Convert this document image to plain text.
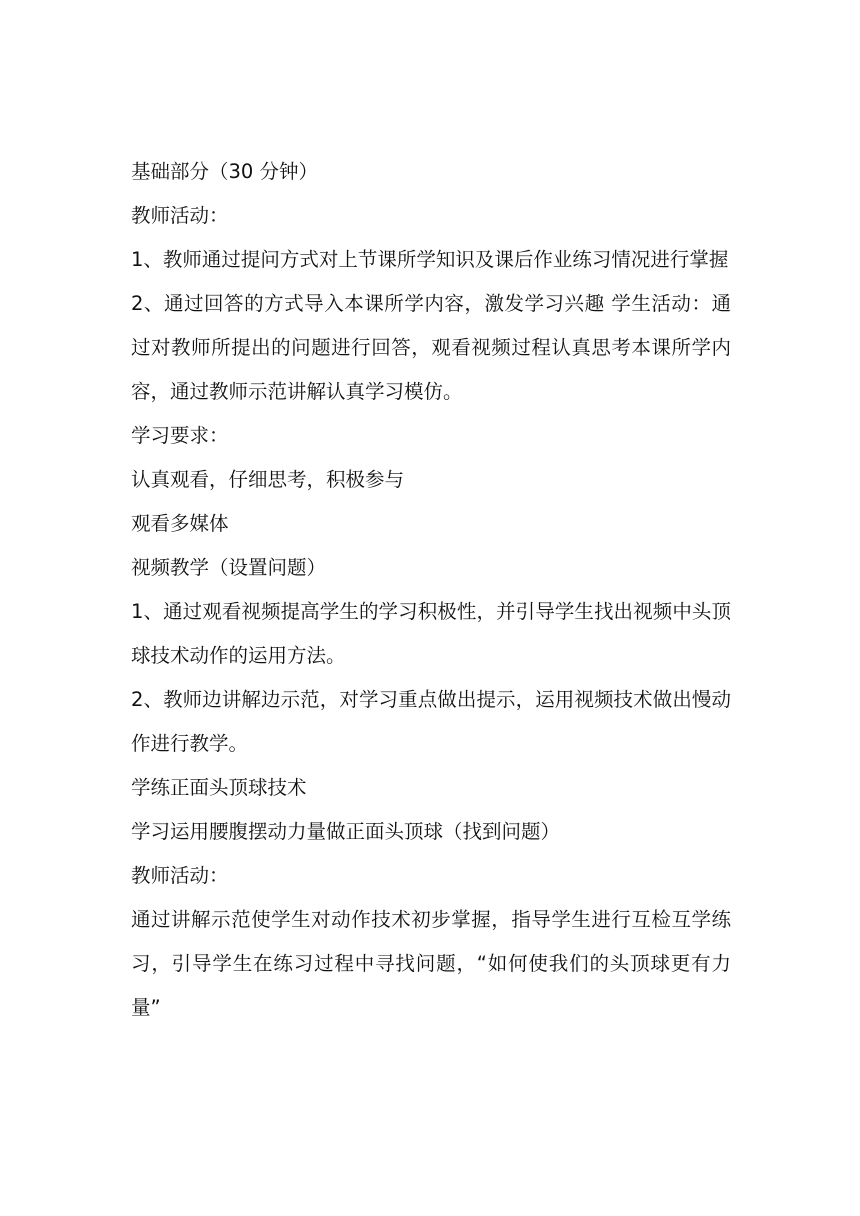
基础部分（30 分钟）
教师活动：
1、教师通过提问方式对上节课所学知识及课后作业练习情况进行掌握
2、通过回答的方式导入本课所学内容，激发学习兴趣 学生活动：通过对教师所提出的问题进行回答，观看视频过程认真思考本课所学内容，通过教师示范讲解认真学习模仿。
学习要求：
认真观看，仔细思考，积极参与
观看多媒体
视频教学（设置问题）
1、通过观看视频提高学生的学习积极性，并引导学生找出视频中头顶球技术动作的运用方法。
2、教师边讲解边示范，对学习重点做出提示，运用视频技术做出慢动作进行教学。
学练正面头顶球技术
学习运用腰腹摆动力量做正面头顶球（找到问题）
教师活动：
通过讲解示范使学生对动作技术初步掌握，指导学生进行互检互学练习，引导学生在练习过程中寻找问题，“如何使我们的头顶球更有力量”
